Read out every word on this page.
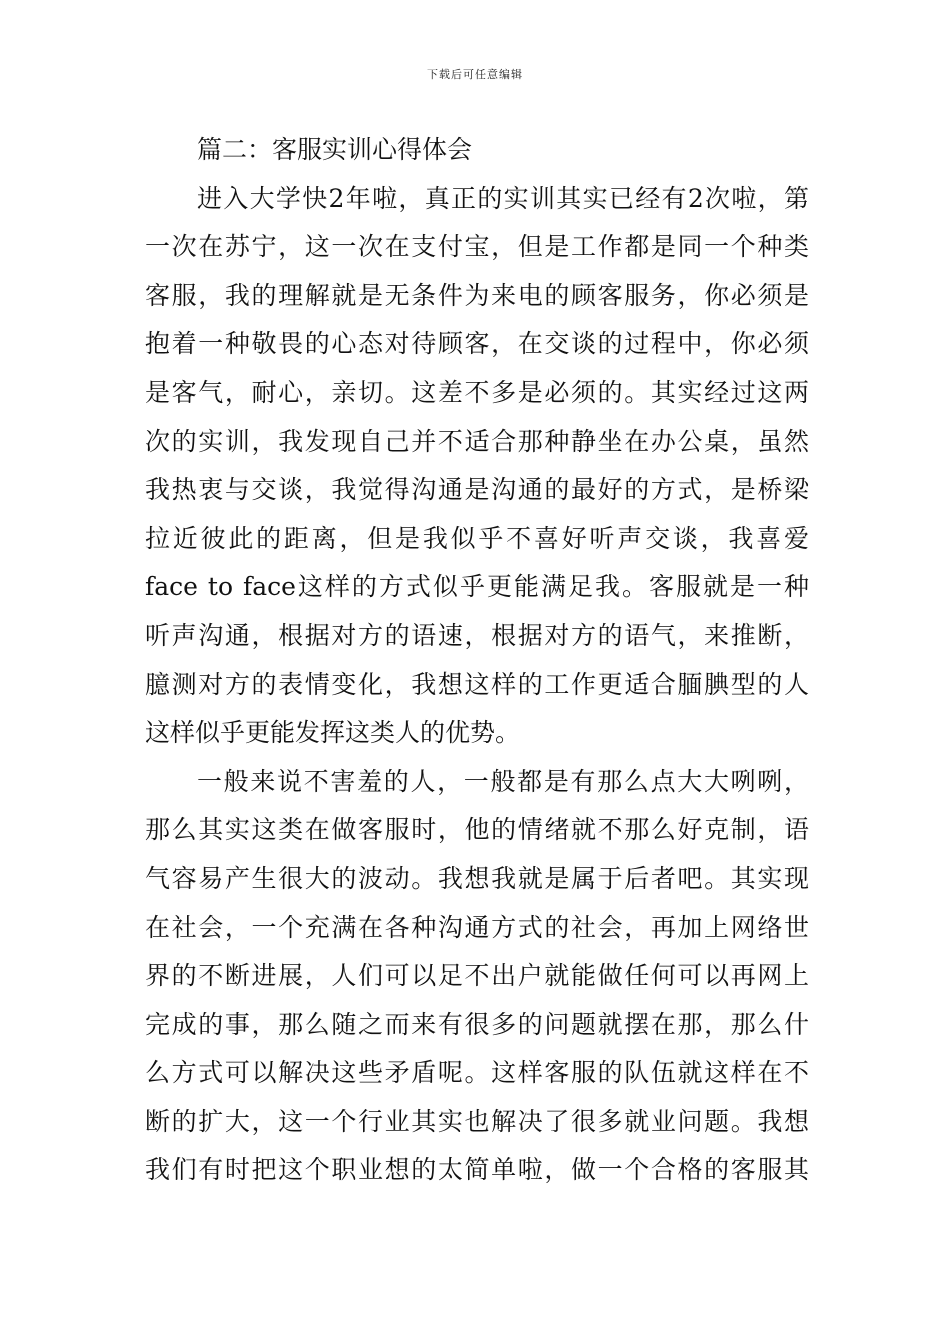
下载后可任意编辑
篇二：客服实训心得体会
进入大学快2年啦，真正的实训其实已经有2次啦，第
一次在苏宁，这一次在支付宝，但是工作都是同一个种类
客服，我的理解就是无条件为来电的顾客服务，你必须是
抱着一种敬畏的心态对待顾客，在交谈的过程中，你必须
是客气，耐心，亲切。这差不多是必须的。其实经过这两
次的实训，我发现自己并不适合那种静坐在办公桌，虽然
我热衷与交谈，我觉得沟通是沟通的最好的方式，是桥梁
拉近彼此的距离，但是我似乎不喜好听声交谈，我喜爱
face to face这样的方式似乎更能满足我。客服就是一种
听声沟通，根据对方的语速，根据对方的语气，来推断，
臆测对方的表情变化，我想这样的工作更适合腼腆型的人
这样似乎更能发挥这类人的优势。
一般来说不害羞的人，一般都是有那么点大大咧咧，
那么其实这类在做客服时，他的情绪就不那么好克制，语
气容易产生很大的波动。我想我就是属于后者吧。其实现
在社会，一个充满在各种沟通方式的社会，再加上网络世
界的不断进展，人们可以足不出户就能做任何可以再网上
完成的事，那么随之而来有很多的问题就摆在那，那么什
么方式可以解决这些矛盾呢。这样客服的队伍就这样在不
断的扩大，这一个行业其实也解决了很多就业问题。我想
我们有时把这个职业想的太简单啦，做一个合格的客服其
